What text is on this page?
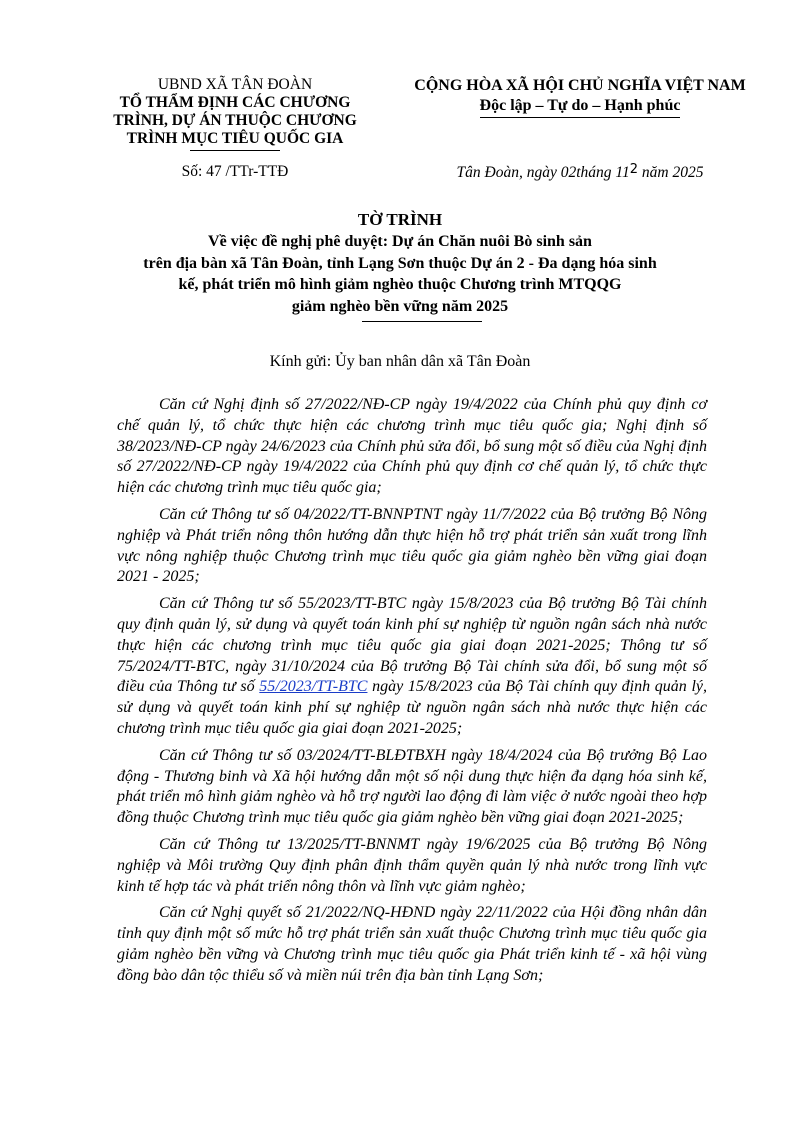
UBND XÃ TÂN ĐOÀN
TỔ THẨM ĐỊNH CÁC CHƯƠNG
TRÌNH, DỰ ÁN THUỘC CHƯƠNG
TRÌNH MỤC TIÊU QUỐC GIA
Số: 47 /TTr-TTĐ
CỘNG HÒA XÃ HỘI CHỦ NGHĨA VIỆT NAM
Độc lập – Tự do – Hạnh phúc
Tân Đoàn, ngày 02tháng $11^2$ năm 2025
TỜ TRÌNH
Về việc đề nghị phê duyệt: Dự án Chăn nuôi Bò sinh sản
trên địa bàn xã Tân Đoàn, tỉnh Lạng Sơn thuộc Dự án 2 - Đa dạng hóa sinh
kế, phát triển mô hình giảm nghèo thuộc Chương trình MTQQG
giảm nghèo bền vững năm 2025
Kính gửi: Ủy ban nhân dân xã Tân Đoàn

Căn cứ Nghị định số 27/2022/NĐ-CP ngày 19/4/2022 của Chính phủ quy định cơ chế quản lý, tổ chức thực hiện các chương trình mục tiêu quốc gia; Nghị định số 38/2023/NĐ-CP ngày 24/6/2023 của Chính phủ sửa đổi, bổ sung một số điều của Nghị định số 27/2022/NĐ-CP ngày 19/4/2022 của Chính phủ quy định cơ chế quản lý, tổ chức thực hiện các chương trình mục tiêu quốc gia;

Căn cứ Thông tư số 04/2022/TT-BNNPTNT ngày 11/7/2022 của Bộ trưởng Bộ Nông nghiệp và Phát triển nông thôn hướng dẫn thực hiện hỗ trợ phát triển sản xuất trong lĩnh vực nông nghiệp thuộc Chương trình mục tiêu quốc gia giảm nghèo bền vững giai đoạn 2021 - 2025;

Căn cứ Thông tư số 55/2023/TT-BTC ngày 15/8/2023 của Bộ trưởng Bộ Tài chính quy định quản lý, sử dụng và quyết toán kinh phí sự nghiệp từ nguồn ngân sách nhà nước thực hiện các chương trình mục tiêu quốc gia giai đoạn 2021-2025; Thông tư số 75/2024/TT-BTC, ngày 31/10/2024 của Bộ trưởng Bộ Tài chính sửa đổi, bổ sung một số điều của Thông tư số 55/2023/TT-BTC ngày 15/8/2023 của Bộ Tài chính quy định quản lý, sử dụng và quyết toán kinh phí sự nghiệp từ nguồn ngân sách nhà nước thực hiện các chương trình mục tiêu quốc gia giai đoạn 2021-2025;

Căn cứ Thông tư số 03/2024/TT-BLĐTBXH ngày 18/4/2024 của Bộ trưởng Bộ Lao động - Thương binh và Xã hội hướng dẫn một số nội dung thực hiện đa dạng hóa sinh kế, phát triển mô hình giảm nghèo và hỗ trợ người lao động đi làm việc ở nước ngoài theo hợp đồng thuộc Chương trình mục tiêu quốc gia giảm nghèo bền vững giai đoạn 2021-2025;

Căn cứ Thông tư 13/2025/TT-BNNMT ngày 19/6/2025 của Bộ trưởng Bộ Nông nghiệp và Môi trường Quy định phân định thẩm quyền quản lý nhà nước trong lĩnh vực kinh tế hợp tác và phát triển nông thôn và lĩnh vực giảm nghèo;

Căn cứ Nghị quyết số 21/2022/NQ-HĐND ngày 22/11/2022 của Hội đồng nhân dân tỉnh quy định một số mức hỗ trợ phát triển sản xuất thuộc Chương trình mục tiêu quốc gia giảm nghèo bền vững và Chương trình mục tiêu quốc gia Phát triển kinh tế - xã hội vùng đồng bào dân tộc thiểu số và miền núi trên địa bàn tỉnh Lạng Sơn;
